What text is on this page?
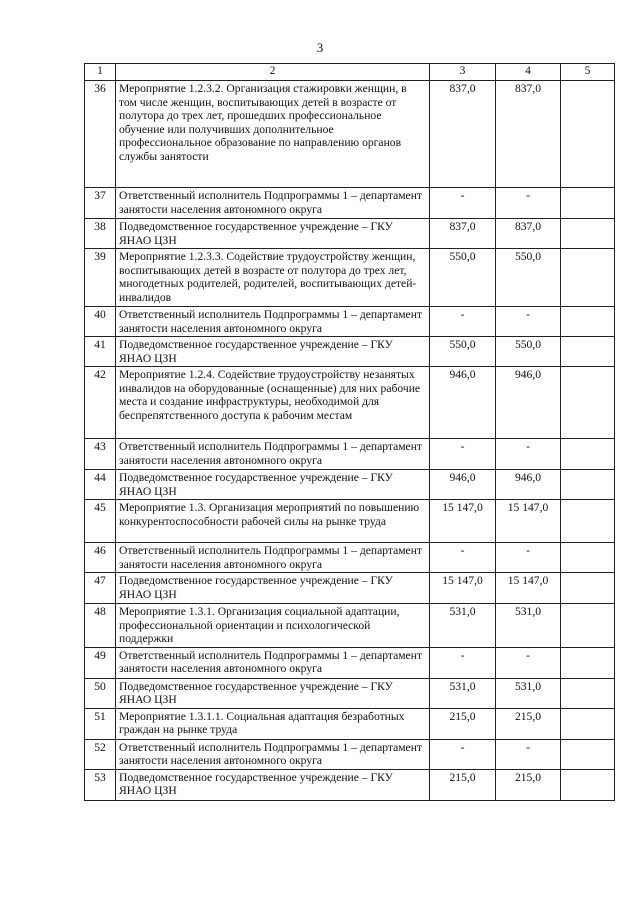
3
1	2	3	4	5
36	Мероприятие 1.2.3.2. Организация стажировки женщин, в том числе женщин, воспитывающих детей в возрасте от полутора до трех лет, прошедших профессиональное обучение или получивших дополнительное профессиональное образование по направлению органов службы занятости	837,0	837,0	
37	Ответственный исполнитель Подпрограммы 1 – департамент занятости населения автономного округа	-	-	
38	Подведомственное государственное учреждение – ГКУ ЯНАО ЦЗН	837,0	837,0	
39	Мероприятие 1.2.3.3. Содействие трудоустройству женщин, воспитывающих детей в возрасте от полутора до трех лет, многодетных родителей, родителей, воспитывающих детей-инвалидов	550,0	550,0	
40	Ответственный исполнитель Подпрограммы 1 – департамент занятости населения автономного округа	-	-	
41	Подведомственное государственное учреждение – ГКУ ЯНАО ЦЗН	550,0	550,0	
42	Мероприятие 1.2.4. Содействие трудоустройству незанятых инвалидов на оборудованные (оснащенные) для них рабочие места и создание инфраструктуры, необходимой для беспрепятственного доступа к рабочим местам	946,0	946,0	
43	Ответственный исполнитель Подпрограммы 1 – департамент занятости населения автономного округа	-	-	
44	Подведомственное государственное учреждение – ГКУ ЯНАО ЦЗН	946,0	946,0	
45	Мероприятие 1.3. Организация мероприятий по повышению конкурентоспособности рабочей силы на рынке труда	15 147,0	15 147,0	
46	Ответственный исполнитель Подпрограммы 1 – департамент занятости населения автономного округа	-	-	
47	Подведомственное государственное учреждение – ГКУ ЯНАО ЦЗН	15 147,0	15 147,0	
48	Мероприятие 1.3.1. Организация социальной адаптации, профессиональной ориентации и психологической поддержки	531,0	531,0	
49	Ответственный исполнитель Подпрограммы 1 – департамент занятости населения автономного округа	-	-	
50	Подведомственное государственное учреждение – ГКУ ЯНАО ЦЗН	531,0	531,0	
51	Мероприятие 1.3.1.1. Социальная адаптация безработных граждан на рынке труда	215,0	215,0	
52	Ответственный исполнитель Подпрограммы 1 – департамент занятости населения автономного округа	-	-	
53	Подведомственное государственное учреждение – ГКУ ЯНАО ЦЗН	215,0	215,0	
